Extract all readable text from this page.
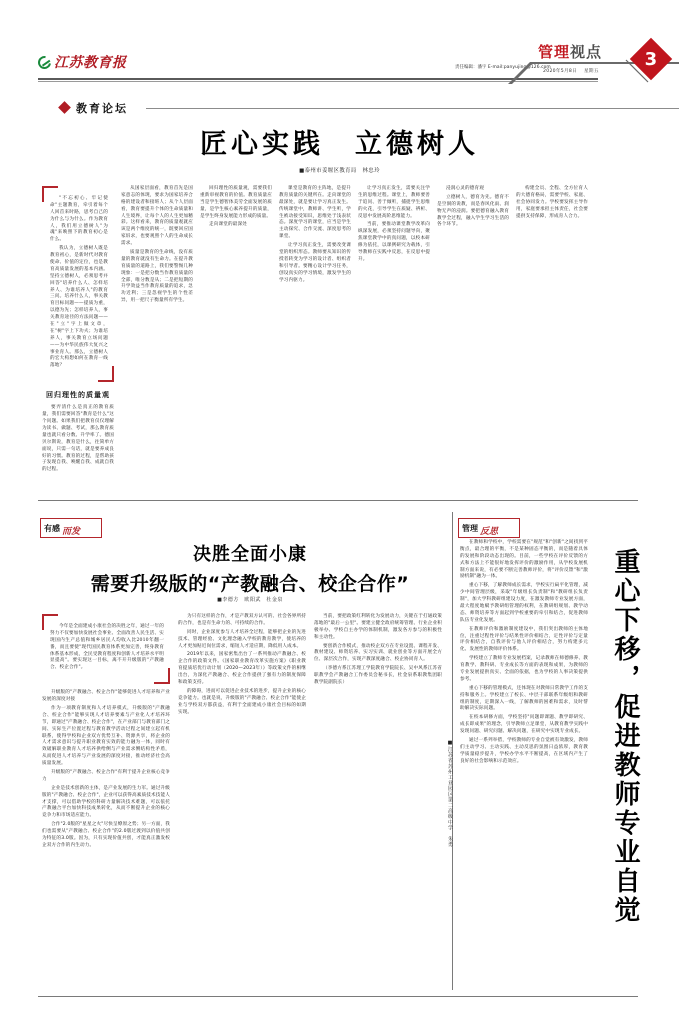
江苏教育报	责任编辑：潘宇 E-mail:panyujing@126.com
管理视点
2020年5月8日 星期五
3
教育论坛
匠心实践　立德树人
■泰州市姜堰区教育局　林忠玲

"不忘初心、牢记使命"主题教育，牵引着每个人回首来时路，思考自己的为什么与为什么。作为教育人，我们用立德树人"为魂"来映照下的教育初心是什么。

我认为，立德树人既是教育初心，是新时代对教育使命、价值的定位，也是教育高质量发展的基本内涵。坚持立德树人，必须思考并回答"培养什么人、怎样培养人、为谁培养人"的教育三问。培养什么人，事关教育目标问题——提质为重，以德为先；怎样培养人，事关教育途径的方法问题——在"立"字上做文章，在"树"字上下功夫；为谁培养人，事关教育立场问题——为中华民族伟大复兴之事业育人。那么，立德树人的宏大构想如何在教育一线落地？

回归理性的质量观

要弄清什么是真正的教育质量，我们需要回答"教育是什么"这个问题。如果我们把教育仅仅理解为读书、做题、考试，那么教育质量也就只看分数、升学率了。德国贝尔斯说，教育是什么，往简单方面说，只需一句话，就是要养成良好的习惯。教育的过程，是帮助孩子发现自我、唤醒自我、成就自我的过程。

从国家层面看，教育首先是国家意志的体现，要求为国家培养合格的建设者和接班人；从个人层面看，教育要提升个体的生命质量和人生境界，让每个人的人生更加精彩。这样看来，教育的质量观就应该是两个维度的统一，既要回应国家诉求，也要观照个人的生命成长需求。

质量是教育的生命线，没有质量的教育就没有生命力。在提升教育质量的道路上，我们要警惕几种现象：一是把分数当作教育质量的全部，唯分数是从；二是把短期的升学效益当作教育质量的追求，急功近利；三是忽视学生的个性差异，用一把尺子衡量所有学生。

回归理性的质量观，需要我们重新审视教育的价值。教育质量应当是学生德智体美劳全面发展的质量，是学生核心素养提升的质量，是学生终身发展能力形成的质量。

走向课堂的最深处

课堂是教育的主阵地，是提升教育质量的关键所在。走向课堂的最深处，就是要让学习真正发生。传统课堂中，教师讲、学生听，学生被动接受知识，思维处于浅表状态。深度学习的课堂，应当是学生主动探究、合作交流、深度思考的课堂。

让学习真正发生，需要改变课堂的组织形态。教师要从知识的传授者转变为学习的设计者、组织者和引导者。要精心设计学习任务，创设真实的学习情境，激发学生的学习内驱力。

让学习真正发生，需要关注学生的思维过程。课堂上，教师要善于追问、善于倾听，捕捉学生思维的火花，引导学生在质疑、辨析、反思中发展高阶思维能力。

当前，要推动课堂教学改革向纵深发展，必须坚持问题导向，聚焦课堂教学中的真问题，以校本研修为依托，以课例研究为载体，引导教师在实践中反思，在反思中提升。

浸润心灵的德育观

立德树人，德育为先。德育不是空洞的说教，而是春风化雨、润物无声的浸润。要把德育融入教育教学全过程，融入学生学习生活的各个环节。

构建全员、全程、全方位育人的大德育格局，需要学校、家庭、社会协同发力。学校要发挥主导作用，家庭要承担主体责任，社会要提供支持保障，形成育人合力。

有感 而发
决胜全面小康
需要升级版的“产教融合、校企合作”
■李德方　欧阳武　杜金泉

今年是全面建成小康社会的决胜之年，通过一年的努力不仅要加快发展社会事业、全面改善人民生活、实现国内生产总值和城乡居民人均收入比2010年翻一番，而且要使"现代国民教育体系更加完善，终身教育体系基本形成，全民受教育程度和创新人才培养水平明显提高"。要实现这一目标，离不开升级版的"产教融合、校企合作"。

升级版的"产教融合、校企合作"能够促进人才培养和产业发展的深度对接

作为一项教育制度和人才培养模式，升级版的"产教融合、校企合作"能够实现人才培养要素与产业化人才培养环节，即通过"产教融合、校企合作"，在产业部门与教育部门之间、实际生产位置过程与教育教学活动过程之间建立起有机联系，使得学校和企业双方优势互补、资源共享，将企业的人才需求意识与提升职业教育实效的能力融为一体，同时有效破解职业教育人才培养供给侧与产业需求侧结构性矛盾，从而促进人才培养与产业发展的深度对接，推动经济社会高质量发展。

升级版的"产教融合、校企合作"有利于提升企业核心竞争力

企业是技术创新的主体，是产业发展的生力军。通过升级版的"产教融合、校企合作"，企业可以获得高素质技术技能人才支撑，可以借助学校的科研力量解决技术难题，可以依托产教融合平台加快科技成果转化，从而不断提升企业的核心竞争力和市场适应能力。

合作"2.0版的"星星之火"尽快呈燎原之势；另一方面，我们也需要从"产教融合、校企合作"的2.0版过渡到以价值共创为特征的3.0版。因为，只有实现价值共创，才能真正激发校企双方合作的内生动力。

为只有这样的合作，才是产教双方认可的、社会各界所持的合作，也是有生命力的、可持续的合作。

同时，企业深度参与人才培养全过程，能够把企业的先进技术、管理经验、文化理念融入学校的教育教学，使培养的人才更加贴近岗位需求，缩短人才适应期，降低用人成本。

2019年以来，国家密集出台了一系列推动产教融合、校企合作的政策文件。《国家职业教育改革实施方案》《职业教育提质培优行动计划（2020—2023年）》等政策文件的相继出台，为深化产教融合、校企合作提供了强有力的制度保障和政策支持。

的障碍，进而可以促进企业技术的进步，提升企业的核心竞争能力。也就是说，升级版的"产教融合、校企合作"能使企业与学校双方都获益，有利于全面建成小康社会目标的如期实现。

当前，要把政策红利转化为发展动力，关键在于打通政策落地的"最后一公里"。要建立健全政府统筹管理、行业企业积极举办、学校自主办学的体制机制，激发各方参与的积极性和主动性。

要创新合作模式，推动校企双方在专业设置、课程开发、教材建设、师资培养、实习实训、就业创业等方面开展全方位、深层次合作，实现产教深度融合、校企协同育人。

（李德方系江苏理工学院教育学院院长、吴中风系江苏省职教学会产教融合工作委员会秘书长，杜金泉系职教集团职教学院副院长）

管理 反思
重心下移，促进教师专业自觉
■江苏省苏州工业园区第二高级中学　朱勇

在教师和学校中，学校需要在"规范"和"创新"之间找到平衡点，最合理的平衡，不是某种固态平衡的，而是随着具体的发展和阶段动态出现的。目前，一些学校在评价反馈的方式和方法上不能很好地发挥评价的激励作用，从学校发展机制方面来说，有必要不断完善教师评价，将"评价反馈"和"激励机制"融为一体。

重心下移，了解教师成长需求，学校实行扁平化管理，减少中间管理层级，采取"年级组长负责制"和"教研组长负责制"，加大学科教研组建设力度，在激发教师专业发展方面，最大程度地赋予教研组管理的权利，在教研组规划、教学动态、师资培养等方面起到学校重要的牵引和结合，促进教师队伍专业化发展。

在教师评价和激励制度建设中，我们突出教师的主体地位，注重过程性评价与结果性评价相结合，定性评价与定量评价相结合，自我评价与他人评价相结合，努力构建多元化、发展性的教师评价体系。

学校建立了教师专业发展档案，记录教师在师德修养、教育教学、教科研、专业成长等方面的表现和成果，为教师的专业发展提供真实、全面的依据，也为学校的人事决策提供参考。

重心下移的管理模式，还体现在对教师日常教学工作的支持和服务上。学校建立了校长、中层干部联系年级组和教研组的制度，定期深入一线，了解教师的困难和需求，及时帮助解决实际问题。

在校本研修方面，学校坚持"问题即课题、教学即研究、成长即成果"的理念，引导教师立足课堂，从教育教学实践中发现问题、研究问题、解决问题，在研究中实现专业成长。

通过一系列举措，学校教师的专业自觉被有效激发，教师们主动学习、主动实践、主动反思的氛围日益浓厚，教育教学质量稳步提升，学校办学水平不断提高，在区域内产生了良好的社会影响和示范效应。
